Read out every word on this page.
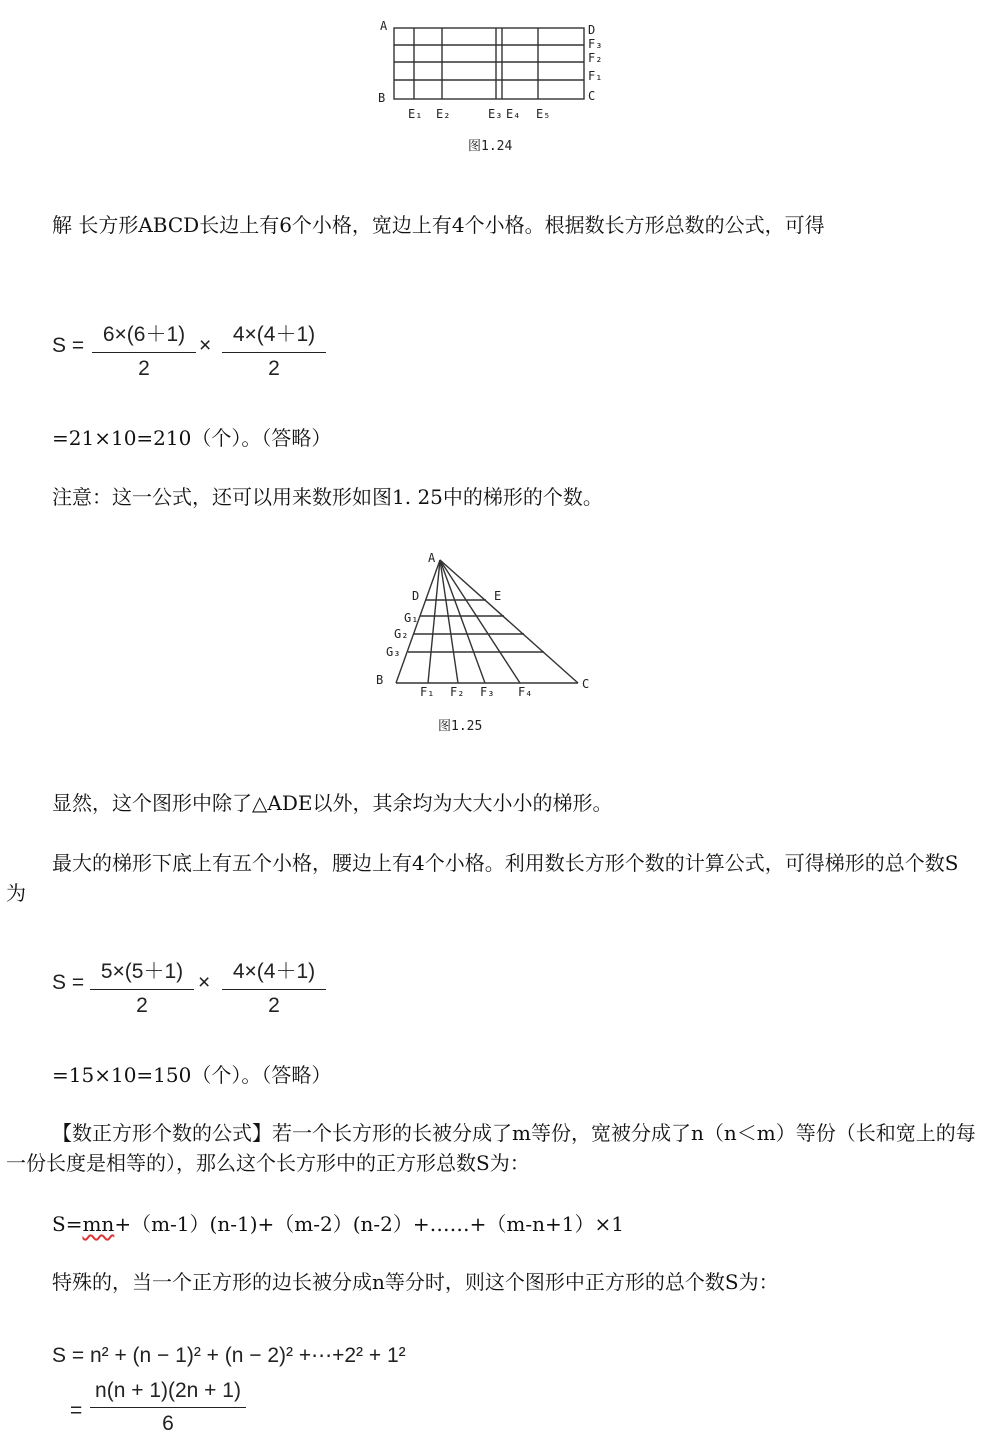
A
B
D
F₃
F₂
F₁
C
E₁ E₂	E₃ E₄ E₅
图1.24
解 长方形ABCD长边上有6个小格，宽边上有4个小格。根据数长方形总数的公式，可得
S = 6×(6＋1)
2
×	4×(4＋1)
2
=21×10=210（个）。（答略）
注意：这一公式，还可以用来数形如图1. 25中的梯形的个数。
A
D	E
G₁
G₂
G₃
B	C
F₁ F₂ F₃ F₄
图1.25
显然，这个图形中除了△ADE以外，其余均为大大小小的梯形。
最大的梯形下底上有五个小格，腰边上有4个小格。利用数长方形个数的计算公式，可得梯形的总个数S为
S = 5×(5＋1)
2
×	4×(4＋1)
2
=15×10=150（个）。（答略）
【数正方形个数的公式】若一个长方形的长被分成了m等份，宽被分成了n（n＜m）等份（长和宽上的每一份长度是相等的），那么这个长方形中的正方形总数S为：
S=mn+（m-1）(n-1)+（m-2）(n-2）+……+（m-n+1）×1
特殊的，当一个正方形的边长被分成n等分时，则这个图形中正方形的总个数S为：
S = n² + (n − 1)² + (n − 2)² +⋯+2² + 1²
=
n(n + 1)(2n + 1)
6
